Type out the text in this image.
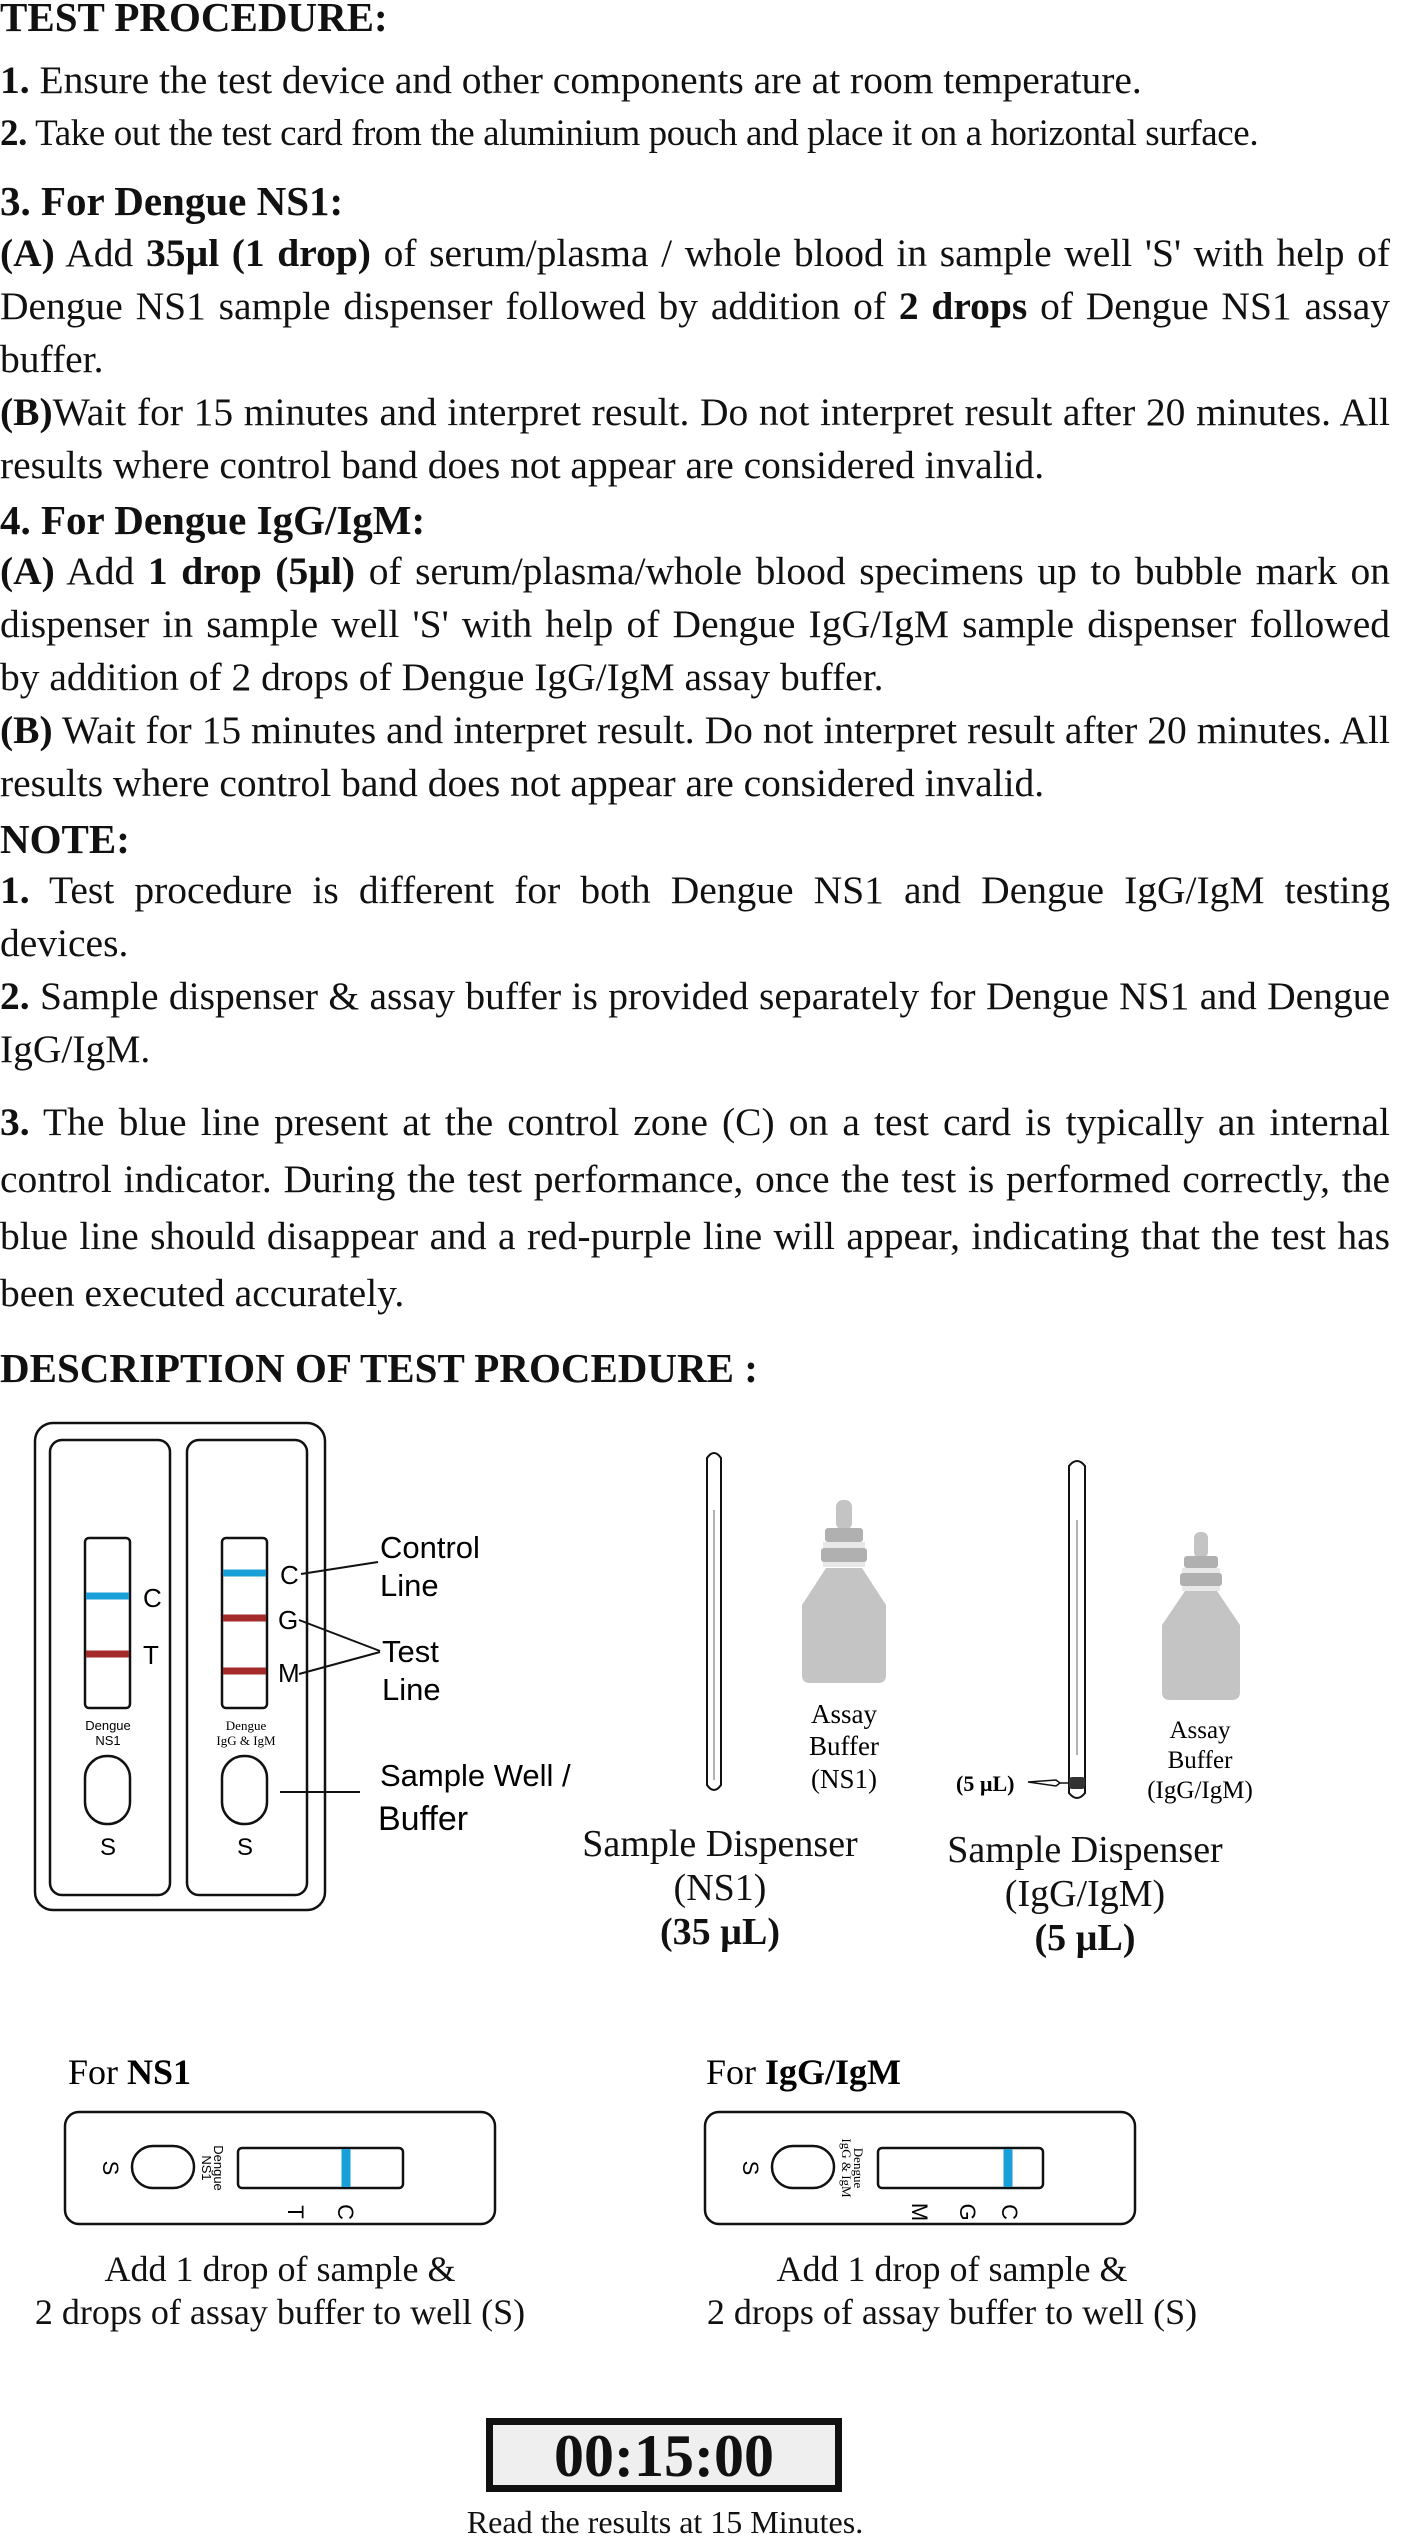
TEST PROCEDURE:

1. Ensure the test device and other components are at room temperature.

2. Take out the test card from the aluminium pouch and place it on a horizontal surface.

3. For Dengue NS1:

(A) Add 35µl (1 drop) of serum/plasma / whole blood in sample well 'S' with help of Dengue NS1 sample dispenser followed by addition of 2 drops of Dengue NS1 assay buffer.

(B)Wait for 15 minutes and interpret result. Do not interpret result after 20 minutes. All results where control band does not appear are considered invalid.

4. For Dengue IgG/IgM:

(A) Add 1 drop (5µl) of serum/plasma/whole blood specimens up to bubble mark on dispenser in sample well 'S' with help of Dengue IgG/IgM sample dispenser followed by addition of 2 drops of Dengue IgG/IgM assay buffer.

(B) Wait for 15 minutes and interpret result. Do not interpret result after 20 minutes. All results where control band does not appear are considered invalid.

NOTE:

1. Test procedure is different for both Dengue NS1 and Dengue IgG/IgM testing devices.

2. Sample dispenser & assay buffer is provided separately for Dengue NS1 and Dengue IgG/IgM.

3. The blue line present at the control zone (C) on a test card is typically an internal control indicator. During the test performance, once the test is performed correctly, the blue line should disappear and a red-purple line will appear, indicating that the test has been executed accurately.

DESCRIPTION OF TEST PROCEDURE :
C
T
Dengue
NS1
S
C
G
M
Dengue
IgG & IgM
S
Control
Line
Test
Line
Sample Well /
Buffer
Assay
Buffer
(NS1)	(5 µL)
Assay
Buffer
(IgG/IgM)
Sample Dispenser
(NS1)
(35 µL)
Sample Dispenser
(IgG/IgM)
(5 µL)
For NS1
S	Dengue
NS1
T C
For IgG/IgM
S	Dengue
IgG & IgM
M G C
Add 1 drop of sample &
2 drops of assay buffer to well (S)
Add 1 drop of sample &
2 drops of assay buffer to well (S)
00:15:00
Read the results at 15 Minutes.
